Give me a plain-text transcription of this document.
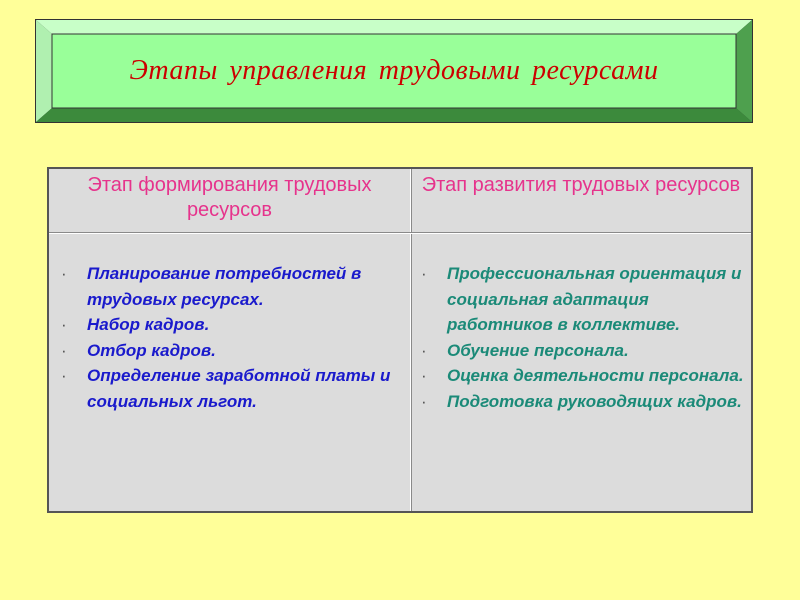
Этапы управления трудовыми ресурсами
Этап формирования трудовых ресурсов
Этап развития трудовых ресурсов
· Планирование потребностей в трудовых ресурсах.
· Набор кадров.
· Отбор кадров.
· Определение заработной платы и социальных льгот.
· Профессиональная ориентация и социальная адаптация работников в коллективе.
· Обучение персонала.
· Оценка деятельности персонала.
· Подготовка руководящих кадров.
